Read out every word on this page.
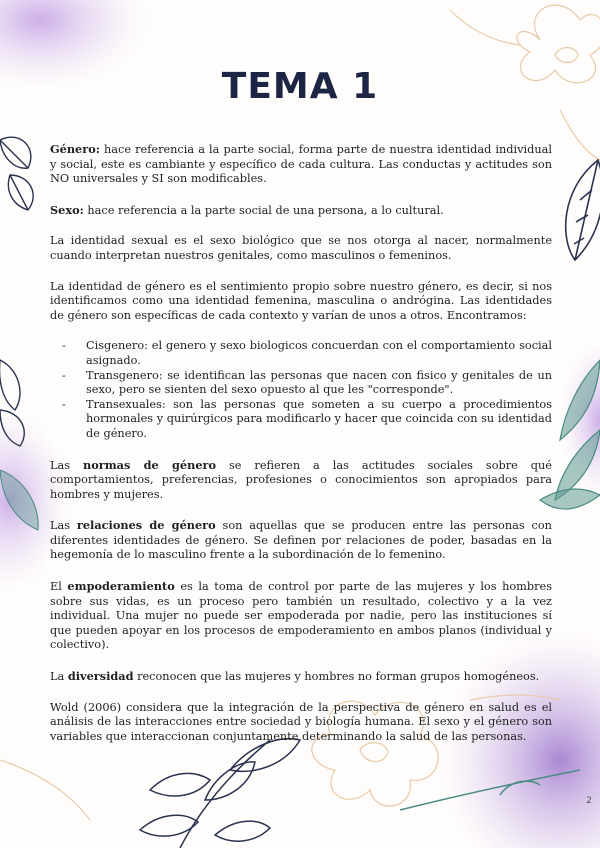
TEMA 1

Género: hace referencia a la parte social, forma parte de nuestra identidad individual y social, este es cambiante y específico de cada cultura. Las conductas y actitudes son NO universales y SI son modificables.

Sexo: hace referencia a la parte social de una persona, a lo cultural.

La identidad sexual es el sexo biológico que se nos otorga al nacer, normalmente cuando interpretan nuestros genitales, como masculinos o femeninos.

La identidad de género es el sentimiento propio sobre nuestro género, es decir, si nos identificamos como una identidad femenina, masculina o andrógina. Las identidades de género son específicas de cada contexto y varían de unos a otros. Encontramos:

- Cisgenero: el genero y sexo biologicos concuerdan con el comportamiento social asignado.
- Transgenero: se identifican las personas que nacen con fisico y genitales de un sexo, pero se sienten del sexo opuesto al que les "corresponde".
- Transexuales: son las personas que someten a su cuerpo a procedimientos hormonales y quirúrgicos para modificarlo y hacer que coincida con su identidad de género.

Las normas de género se refieren a las actitudes sociales sobre qué comportamientos, preferencias, profesiones o conocimientos son apropiados para hombres y mujeres.

Las relaciones de género son aquellas que se producen entre las personas con diferentes identidades de género. Se definen por relaciones de poder, basadas en la hegemonía de lo masculino frente a la subordinación de lo femenino.

El empoderamiento es la toma de control por parte de las mujeres y los hombres sobre sus vidas, es un proceso pero también un resultado, colectivo y a la vez individual. Una mujer no puede ser empoderada por nadie, pero las instituciones sí que pueden apoyar en los procesos de empoderamiento en ambos planos (individual y colectivo).

La diversidad reconocen que las mujeres y hombres no forman grupos homogéneos.

Wold (2006) considera que la integración de la perspectiva de género en salud es el análisis de las interacciones entre sociedad y biología humana. El sexo y el género son variables que interaccionan conjuntamente determinando la salud de las personas.

2
